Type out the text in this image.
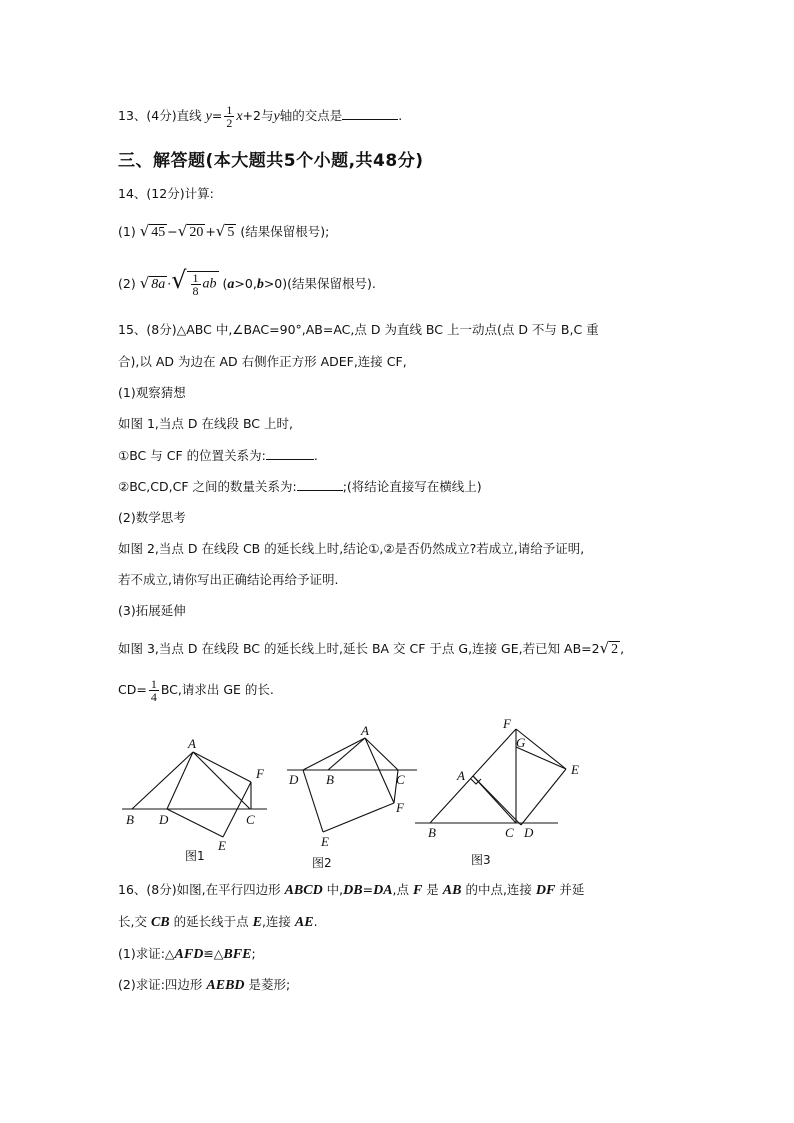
13、(4分)直线 $y= \frac{1}{2} x+2$与y轴的交点是	.
三、解答题(本大题共5个小题,共48分)
14、(12分)计算:
(1) √ 45 −√ 20 +√ 5 (结果保留根号);
(2) √ 8a ·√ $\frac{1}{8}$ ab (a>0,b>0)(结果保留根号).
15、(8分)△ABC 中,∠BAC=90°,AB=AC,点 D 为直线 BC 上一动点(点 D 不与 B,C 重
合),以 AD 为边在 AD 右侧作正方形 ADEF,连接 CF,
(1)观察猜想
如图 1,当点 D 在线段 BC 上时,
①BC 与 CF 的位置关系为:	.
②BC,CD,CF 之间的数量关系为:	;(将结论直接写在横线上)
(2)数学思考
如图 2,当点 D 在线段 CB 的延长线上时,结论①,②是否仍然成立?若成立,请给予证明,
若不成立,请你写出正确结论再给予证明.
(3)拓展延伸
如图 3,当点 D 在线段 BC 的延长线上时,延长 BA 交 CF 于点 G,连接 GE,若已知 AB=2√ 2 ,
$CD= \frac{1}{4}$ BC,请求出 GE 的长.
A
B	C
D
E
F
图1
A
B	C
D
E
F
图2
A
B	C D
E
F
G
图3
16、(8分)如图,在平行四边形 ABCD 中,DB=DA,点 F 是 AB 的中点,连接 DF 并延
长,交 CB 的延长线于点 E,连接 AE.
(1)求证:△AFD≌△BFE;
(2)求证:四边形 AEBD 是菱形;
